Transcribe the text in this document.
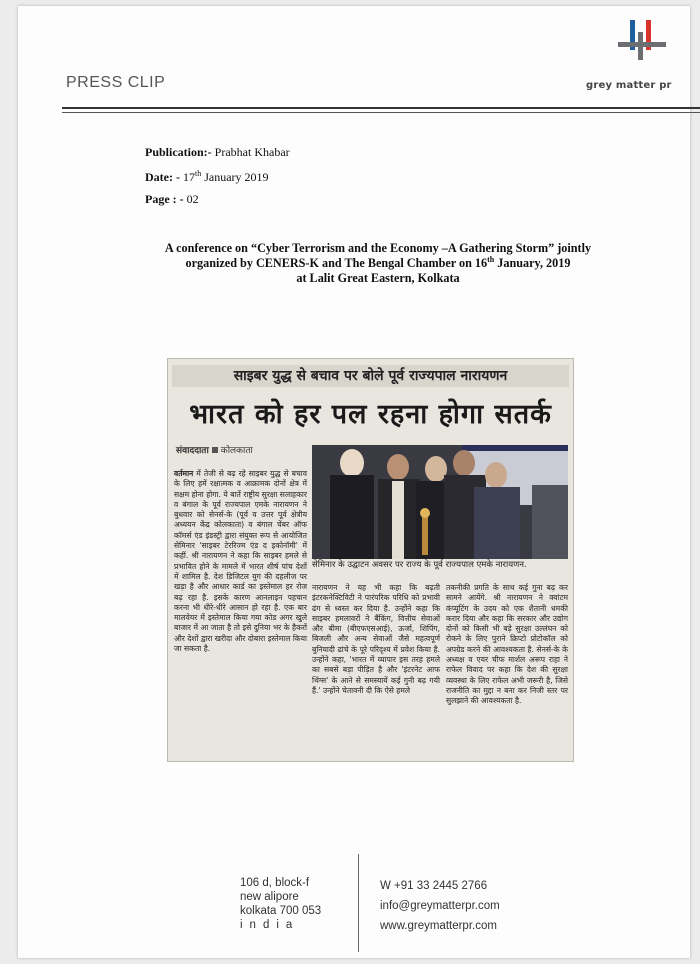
grey matter pr
PRESS CLIP
Publication:- Prabhat Khabar
Date: - 17th January 2019
Page : - 02
A conference on “Cyber Terrorism and the Economy –A Gathering Storm” jointly
organized by CENERS-K and The Bengal Chamber on 16th January, 2019
at Lalit Great Eastern, Kolkata
साइबर युद्ध से बचाव पर बोले पूर्व राज्यपाल नारायणन
भारत को हर पल रहना होगा सतर्क
संवाददाता कोलकाता
सेमिनार के उद्घाटन अवसर पर राज्य के पूर्व राज्यपाल एमके नारायणन.
वर्तमान में तेजी से बढ़ रहे साइबर युद्ध से बचाव के लिए हमें रक्षात्मक व आक्रामक दोनों क्षेत्र में सक्षम होना होगा. ये बातें राष्ट्रीय सुरक्षा सलाहकार व बंगाल के पूर्व राज्यपाल एमके नारायणन ने बुधवार को सेनर्स-के (पूर्व व उत्तर पूर्व क्षेत्रीय अध्ययन केंद्र कोलकाता) व बंगाल चेंबर ऑफ कॉमर्स एंड इंडस्ट्री द्वारा संयुक्त रूप से आयोजित सेमिनार 'साइबर टेररिज्म एंड द इकोनॉमी' में कहीं. श्री नारायणन ने कहा कि साइबर हमले से प्रभावित होने के मामले में भारत शीर्ष पांच देशों में शामिल है. देश डिजिटल युग की दहलीज पर खड़ा है और आधार कार्ड का इस्तेमाल हर रोज बढ़ रहा है. इसके कारण आनलाइन पहचान करना भी धीरे-धीरे आसान हो रहा है. एक बार मालवेयर में इस्तेमाल किया गया कोड अगर खुले बाजार में आ जाता है तो इसे दुनिया भर के हैकरों और देशों द्वारा खरीदा और दोबारा इस्तेमाल किया जा सकता है.
नारायणन ने यह भी कहा कि बढ़ती इंटरकनेक्टिविटी ने पारंपरिक परिधि को प्रभावी ढंग से ध्वस्त कर दिया है. उन्होंने कहा कि साइबर हमलावरों ने बैंकिंग, वित्तीय सेवाओं और बीमा (बीएफएसआई), ऊर्जा, शिपिंग, बिजली और अन्य सेवाओं जैसे महत्वपूर्ण बुनियादी ढांचे के पूरे परिदृश्य में प्रवेश किया है. उन्होंने कहा, 'भारत में व्यापार इस तरह हमले का सबसे बड़ा पीड़ित है और 'इंटरनेट आफ थिंग्स' के आने से समस्यायें कई गुनी बढ़ गयी हैं.' उन्होंने चेतावनी दी कि ऐसे हमले
तकनीकी प्रगति के साथ कई गुना बढ़ कर सामने आयेंगे. श्री नारायणन ने क्वांटम कंप्यूटिंग के उदय को एक शैतानी धमकी करार दिया और कहा कि सरकार और उद्योग दोनों को किसी भी बड़े सुरक्षा उल्लंघन को रोकने के लिए पुराने क्रिप्टो प्रोटोकॉल को अपग्रेड करने की आवश्यकता है. सेनर्स-के के अध्यक्ष व एयर चीफ मार्शल अरूप राहा ने राफेल विवाद पर कहा कि देश की सुरक्षा व्यवस्था के लिए राफेल अभी जरूरी है, जिसे राजनीति का मुद्दा न बना कर निजी स्तर पर सुलझाने की आवश्यकता है.
106 d, block-f
new alipore
kolkata 700 053
india
W +91 33 2445 2766
info@greymatterpr.com
www.greymatterpr.com
